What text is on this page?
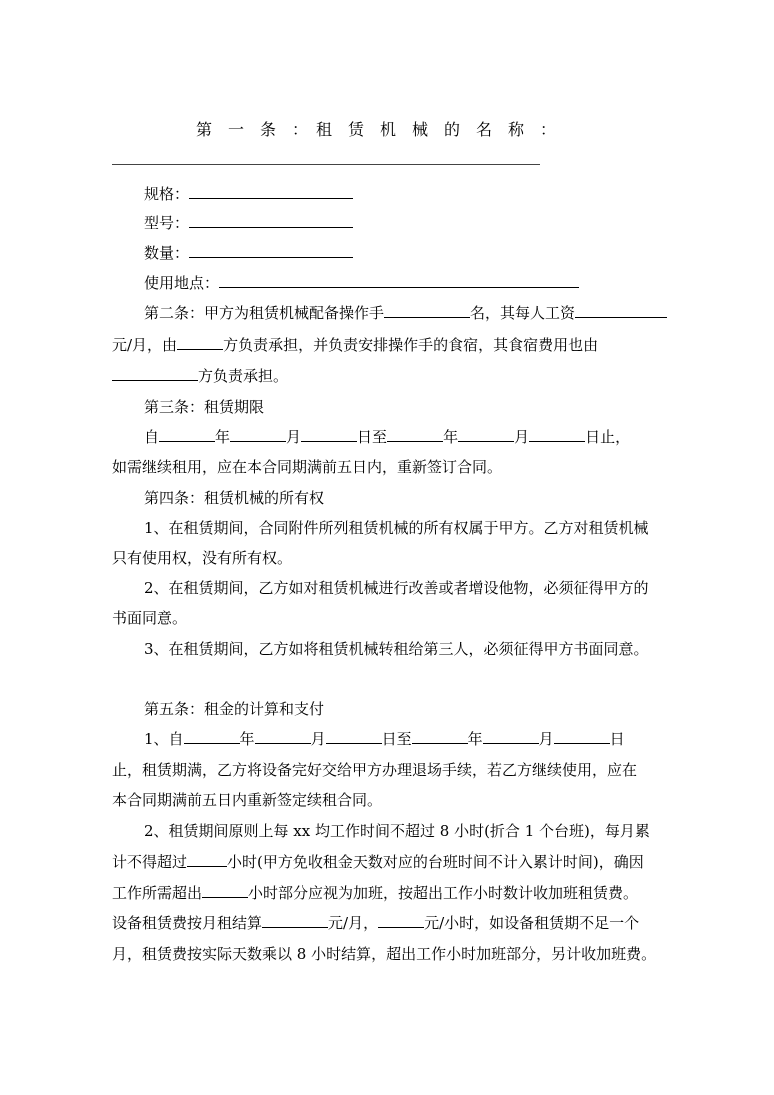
第　一　条　：　租　赁　机　械　的　名　称　：
规格：
型号：
数量：
使用地点：
第二条：甲方为租赁机械配备操作手	名，其每人工资
元/月，由	方负责承担，并负责安排操作手的食宿，其食宿费用也由
方负责承担。
第三条：租赁期限
自	年	月	日至	年	月	日止，
如需继续租用，应在本合同期满前五日内，重新签订合同。
第四条：租赁机械的所有权
1、在租赁期间，合同附件所列租赁机械的所有权属于甲方。乙方对租赁机械
只有使用权，没有所有权。
2、在租赁期间，乙方如对租赁机械进行改善或者增设他物，必须征得甲方的
书面同意。
3、在租赁期间，乙方如将租赁机械转租给第三人，必须征得甲方书面同意。
第五条：租金的计算和支付
1、自	年	月	日至	年	月	日
止，租赁期满，乙方将设备完好交给甲方办理退场手续，若乙方继续使用，应在
本合同期满前五日内重新签定续租合同。
2、租赁期间原则上每 xx 均工作时间不超过 8 小时(折合 1 个台班)，每月累
计不得超过	小时(甲方免收租金天数对应的台班时间不计入累计时间)，确因
工作所需超出	小时部分应视为加班，按超出工作小时数计收加班租赁费。
设备租赁费按月租结算	元/月，	元/小时，如设备租赁期不足一个
月，租赁费按实际天数乘以 8 小时结算，超出工作小时加班部分，另计收加班费。
